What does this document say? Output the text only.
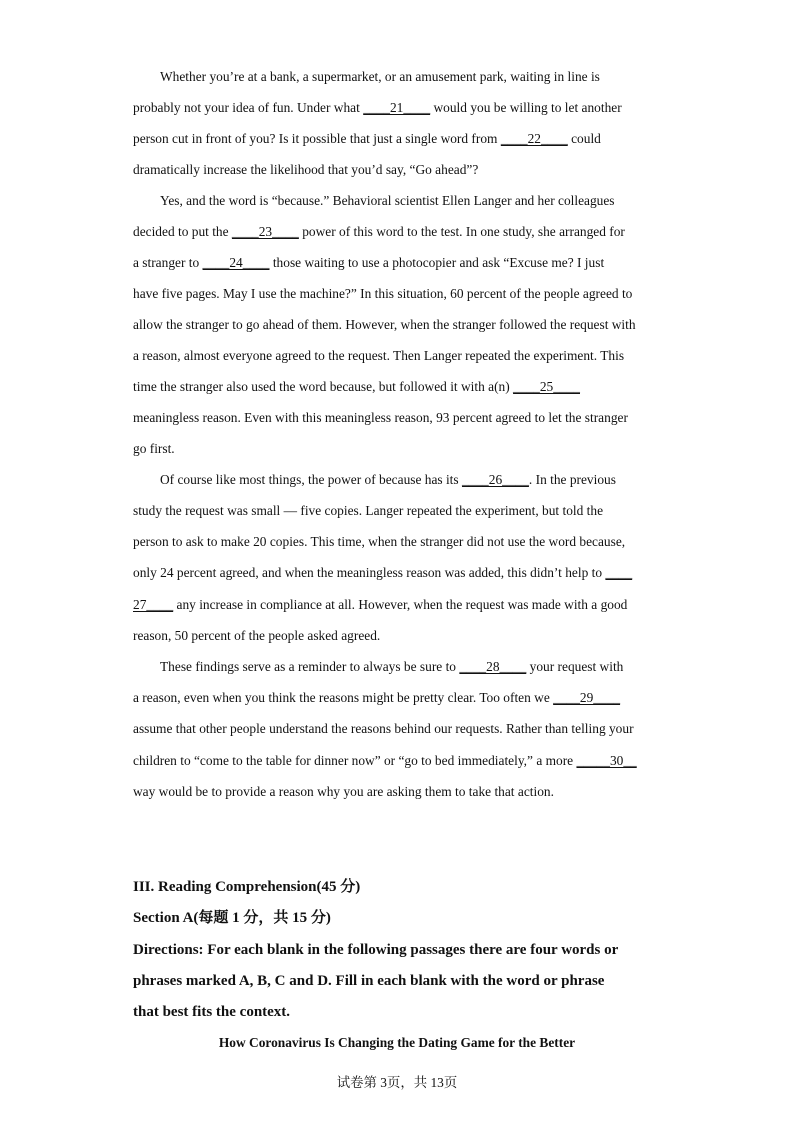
Whether you’re at a bank, a supermarket, or an amusement park, waiting in line is
probably not your idea of fun. Under what ____21____ would you be willing to let another
person cut in front of you? Is it possible that just a single word from ____22____ could
dramatically increase the likelihood that you’d say, “Go ahead”?
Yes, and the word is “because.” Behavioral scientist Ellen Langer and her colleagues
decided to put the ____23____ power of this word to the test. In one study, she arranged for
a stranger to ____24____ those waiting to use a photocopier and ask “Excuse me? I just
have five pages. May I use the machine?” In this situation, 60 percent of the people agreed to
allow the stranger to go ahead of them. However, when the stranger followed the request with
a reason, almost everyone agreed to the request. Then Langer repeated the experiment. This
time the stranger also used the word because, but followed it with a(n) ____25____
meaningless reason. Even with this meaningless reason, 93 percent agreed to let the stranger
go first.
Of course like most things, the power of because has its ____26____. In the previous
study the request was small — five copies. Langer repeated the experiment, but told the
person to ask to make 20 copies. This time, when the stranger did not use the word because,
only 24 percent agreed, and when the meaningless reason was added, this didn’t help to ____
27____ any increase in compliance at all. However, when the request was made with a good
reason, 50 percent of the people asked agreed.
These findings serve as a reminder to always be sure to ____28____ your request with
a reason, even when you think the reasons might be pretty clear. Too often we ____29____
assume that other people understand the reasons behind our requests. Rather than telling your
children to “come to the table for dinner now” or “go to bed immediately,” a more _____30__
way would be to provide a reason why you are asking them to take that action.
III. Reading Comprehension(45 分)
Section A(每题 1 分，共 15 分)
Directions: For each blank in the following passages there are four words or
phrases marked A, B, C and D. Fill in each blank with the word or phrase
that best fits the context.
How Coronavirus Is Changing the Dating Game for the Better
试卷第 3页，共 13页
